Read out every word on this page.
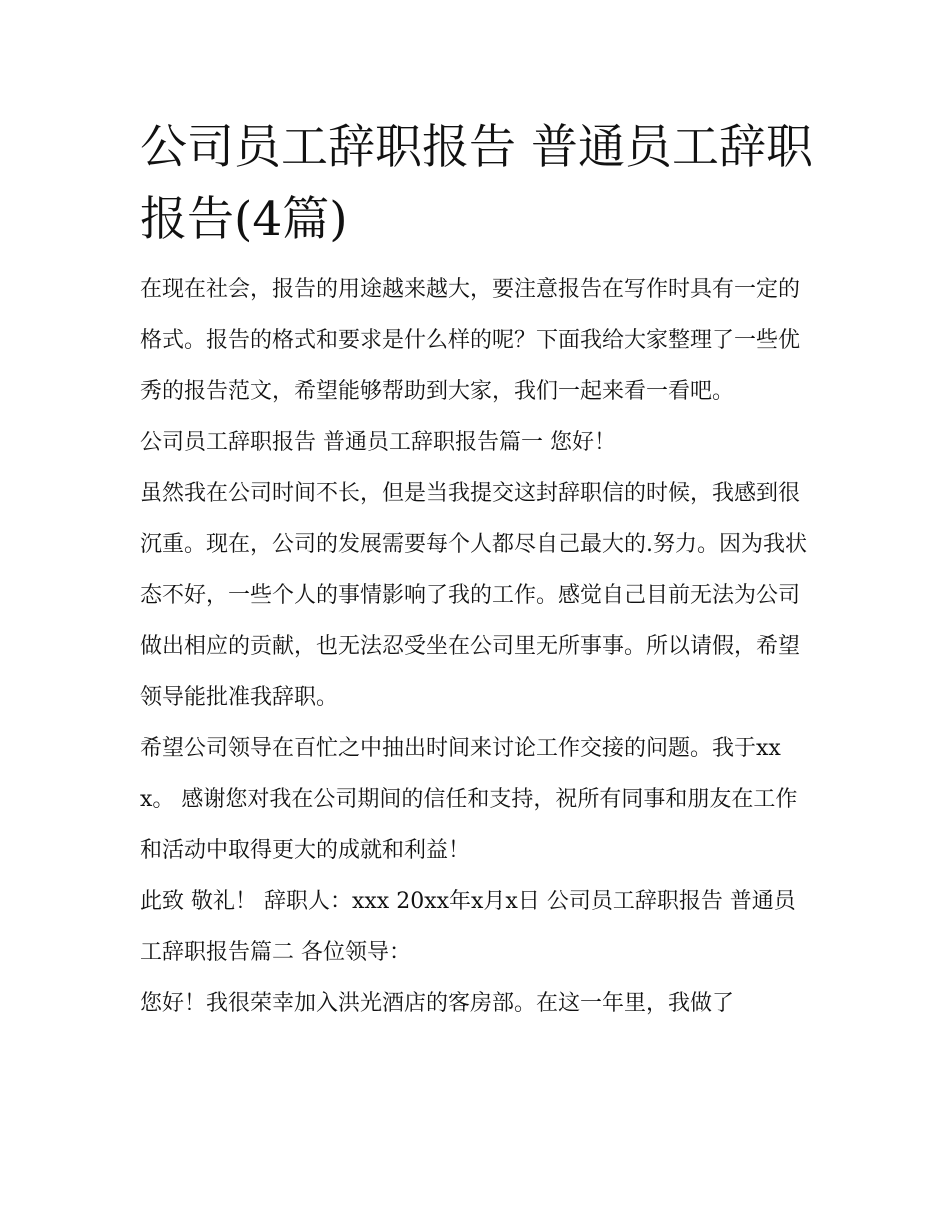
公司员工辞职报告 普通员工辞职报告(4篇)

在现在社会，报告的用途越来越大，要注意报告在写作时具有一定的格式。报告的格式和要求是什么样的呢？下面我给大家整理了一些优秀的报告范文，希望能够帮助到大家，我们一起来看一看吧。

公司员工辞职报告 普通员工辞职报告篇一 您好！

虽然我在公司时间不长，但是当我提交这封辞职信的时候，我感到很沉重。现在，公司的发展需要每个人都尽自己最大的.努力。因为我状态不好，一些个人的事情影响了我的工作。感觉自己目前无法为公司做出相应的贡献，也无法忍受坐在公司里无所事事。所以请假，希望领导能批准我辞职。

希望公司领导在百忙之中抽出时间来讨论工作交接的问题。我于xxx。 感谢您对我在公司期间的信任和支持，祝所有同事和朋友在工作和活动中取得更大的成就和利益！

此致 敬礼！ 辞职人：xxx 20xx年x月x日 公司员工辞职报告 普通员工辞职报告篇二 各位领导：

您好！我很荣幸加入洪光酒店的客房部。在这一年里，我做了
